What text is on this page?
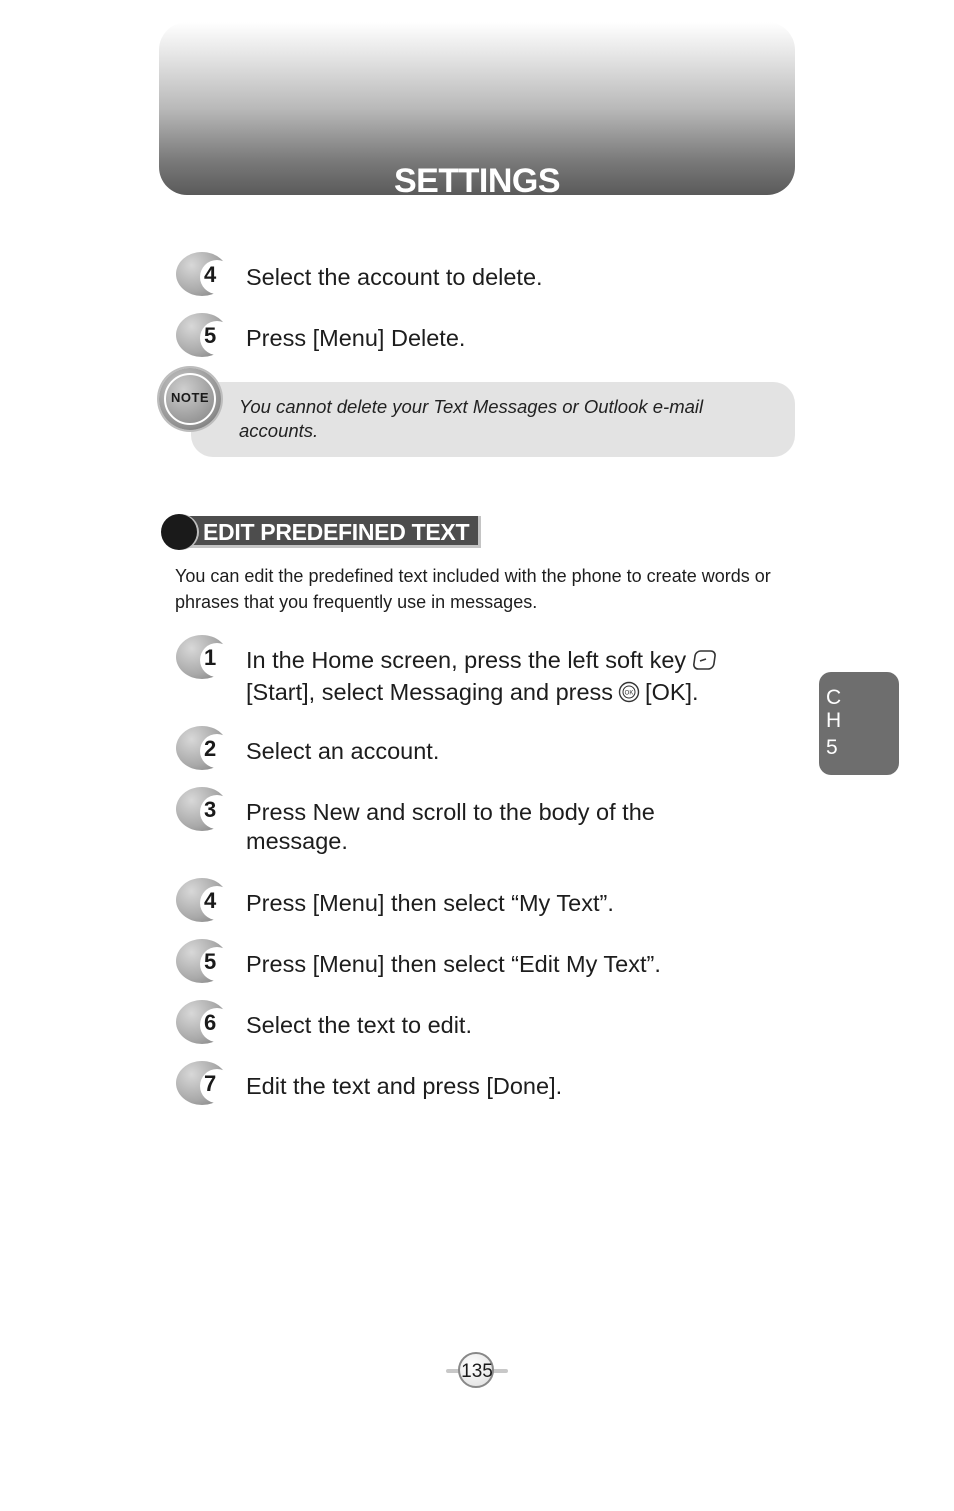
SETTINGS
4	Select the account to delete.
5	Press [Menu] Delete.
You cannot delete your Text Messages or Outlook e-mail accounts.
NOTE
EDIT PREDEFINED TEXT
You can edit the predefined text included with the phone to create words or phrases that you frequently use in messages.
1	In the Home screen, press the left soft key
[Start], select Messaging and press OK [OK].
2	Select an account.
3	Press New and scroll to the body of the message.
4	Press [Menu] then select “My Text”.
5	Press [Menu] then select “Edit My Text”.
6	Select the text to edit.
7	Edit the text and press [Done].
C
H
5
135
